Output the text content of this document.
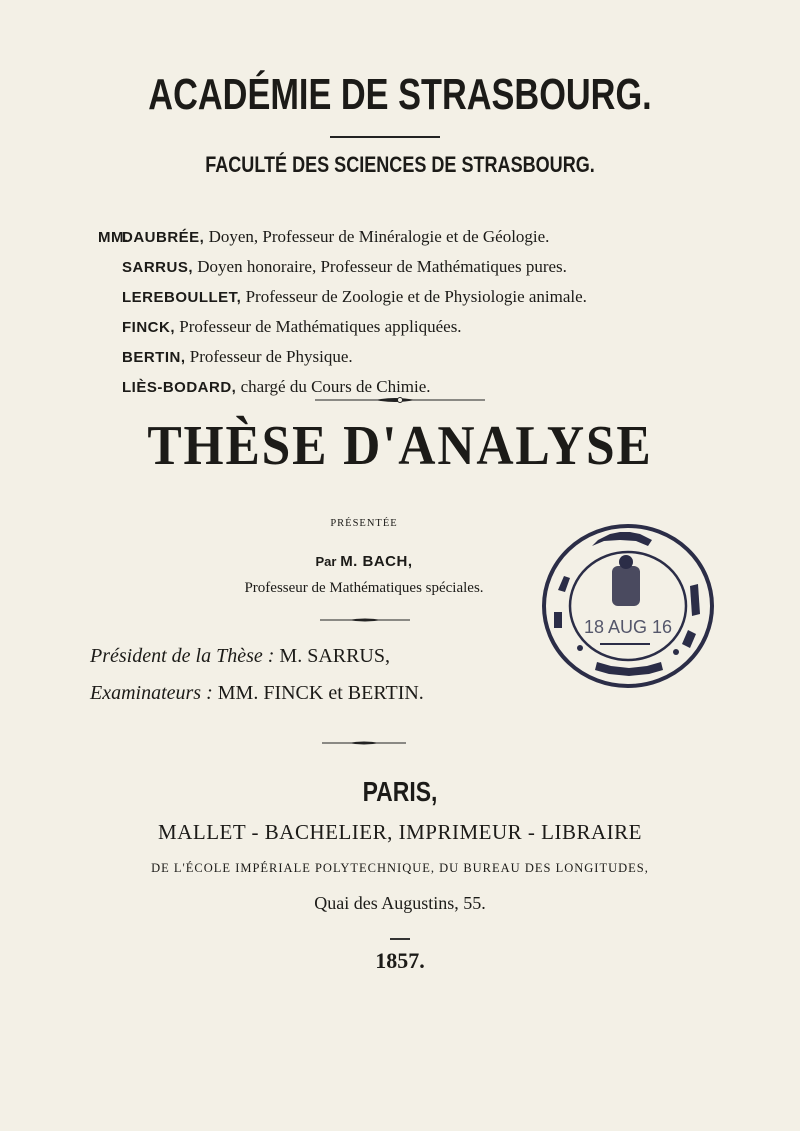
ACADÉMIE DE STRASBOURG.
FACULTÉ DES SCIENCES DE STRASBOURG.
MM.DAUBRÉE, Doyen, Professeur de Minéralogie et de Géologie.
SARRUS, Doyen honoraire, Professeur de Mathématiques pures.
LEREBOULLET, Professeur de Zoologie et de Physiologie animale.
FINCK, Professeur de Mathématiques appliquées.
BERTIN, Professeur de Physique.
LIÈS-BODARD, chargé du Cours de Chimie.
THÈSE D'ANALYSE
PRÉSENTÉE
Par M. BACH,
Professeur de Mathématiques spéciales.
Président de la Thèse : M. SARRUS,
Examinateurs : MM. FINCK et BERTIN.
18 AUG 16
PARIS,
MALLET - BACHELIER, IMPRIMEUR - LIBRAIRE
DE L'ÉCOLE IMPÉRIALE POLYTECHNIQUE, DU BUREAU DES LONGITUDES,
Quai des Augustins, 55.
1857.
